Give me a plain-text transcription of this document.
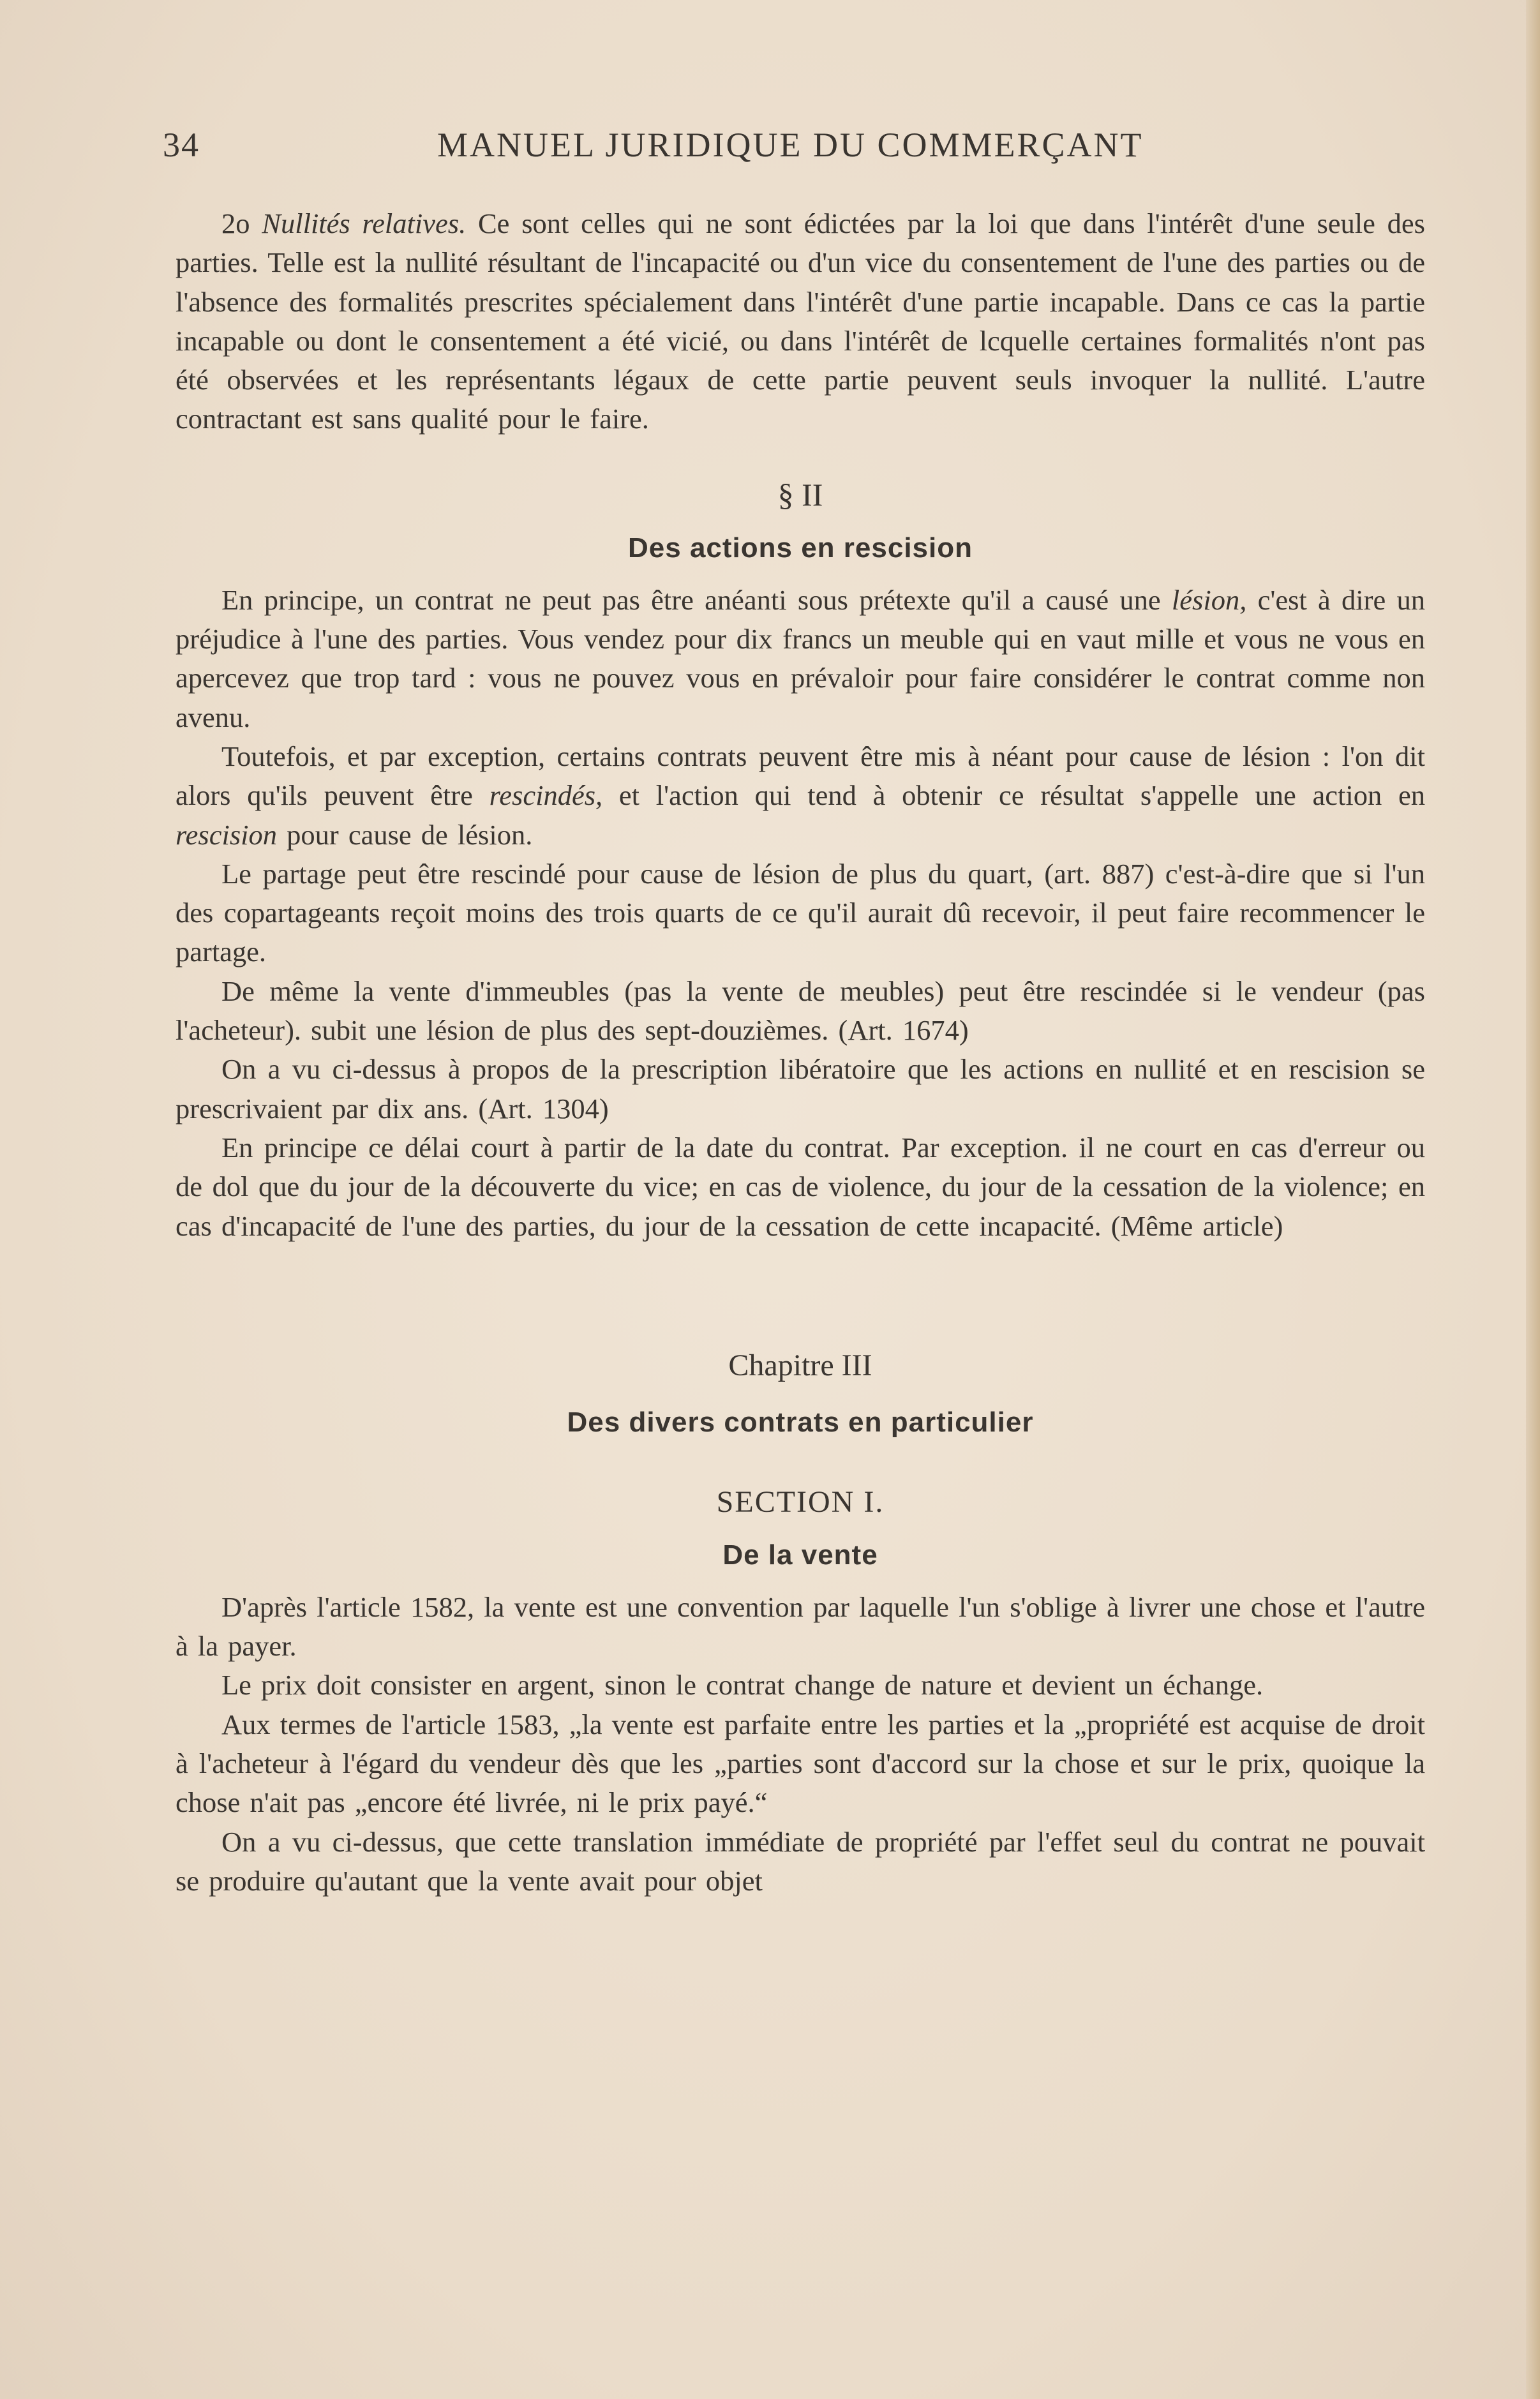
34	MANUEL JURIDIQUE DU COMMERÇANT

2o Nullités relatives. Ce sont celles qui ne sont édictées par la loi que dans l'intérêt d'une seule des parties. Telle est la nullité résultant de l'incapacité ou d'un vice du consentement de l'une des parties ou de l'absence des formalités prescrites spécialement dans l'intérêt d'une partie incapable. Dans ce cas la partie incapable ou dont le consentement a été vicié, ou dans l'intérêt de lcquelle certaines formalités n'ont pas été observées et les représentants légaux de cette partie peuvent seuls invoquer la nullité. L'autre contractant est sans qualité pour le faire.

§ II
Des actions en rescision

En principe, un contrat ne peut pas être anéanti sous prétexte qu'il a causé une lésion, c'est à dire un préjudice à l'une des parties. Vous vendez pour dix francs un meuble qui en vaut mille et vous ne vous en apercevez que trop tard : vous ne pouvez vous en prévaloir pour faire considérer le contrat comme non avenu.

Toutefois, et par exception, certains contrats peuvent être mis à néant pour cause de lésion : l'on dit alors qu'ils peuvent être rescindés, et l'action qui tend à obtenir ce résultat s'appelle une action en rescision pour cause de lésion.

Le partage peut être rescindé pour cause de lésion de plus du quart, (art. 887) c'est-à-dire que si l'un des copartageants reçoit moins des trois quarts de ce qu'il aurait dû recevoir, il peut faire recommencer le partage.

De même la vente d'immeubles (pas la vente de meubles) peut être rescindée si le vendeur (pas l'acheteur). subit une lésion de plus des sept-douzièmes. (Art. 1674)

On a vu ci-dessus à propos de la prescription libératoire que les actions en nullité et en rescision se prescrivaient par dix ans. (Art. 1304)

En principe ce délai court à partir de la date du contrat. Par exception. il ne court en cas d'erreur ou de dol que du jour de la découverte du vice; en cas de violence, du jour de la cessation de la violence; en cas d'incapacité de l'une des parties, du jour de la cessation de cette incapacité. (Même article)

Chapitre III
Des divers contrats en particulier
SECTION I.
De la vente

D'après l'article 1582, la vente est une convention par laquelle l'un s'oblige à livrer une chose et l'autre à la payer.

Le prix doit consister en argent, sinon le contrat change de nature et devient un échange.

Aux termes de l'article 1583, „la vente est parfaite entre les parties et la „propriété est acquise de droit à l'acheteur à l'égard du vendeur dès que les „parties sont d'accord sur la chose et sur le prix, quoique la chose n'ait pas „encore été livrée, ni le prix payé.“

On a vu ci-dessus, que cette translation immédiate de propriété par l'effet seul du contrat ne pouvait se produire qu'autant que la vente avait pour objet
